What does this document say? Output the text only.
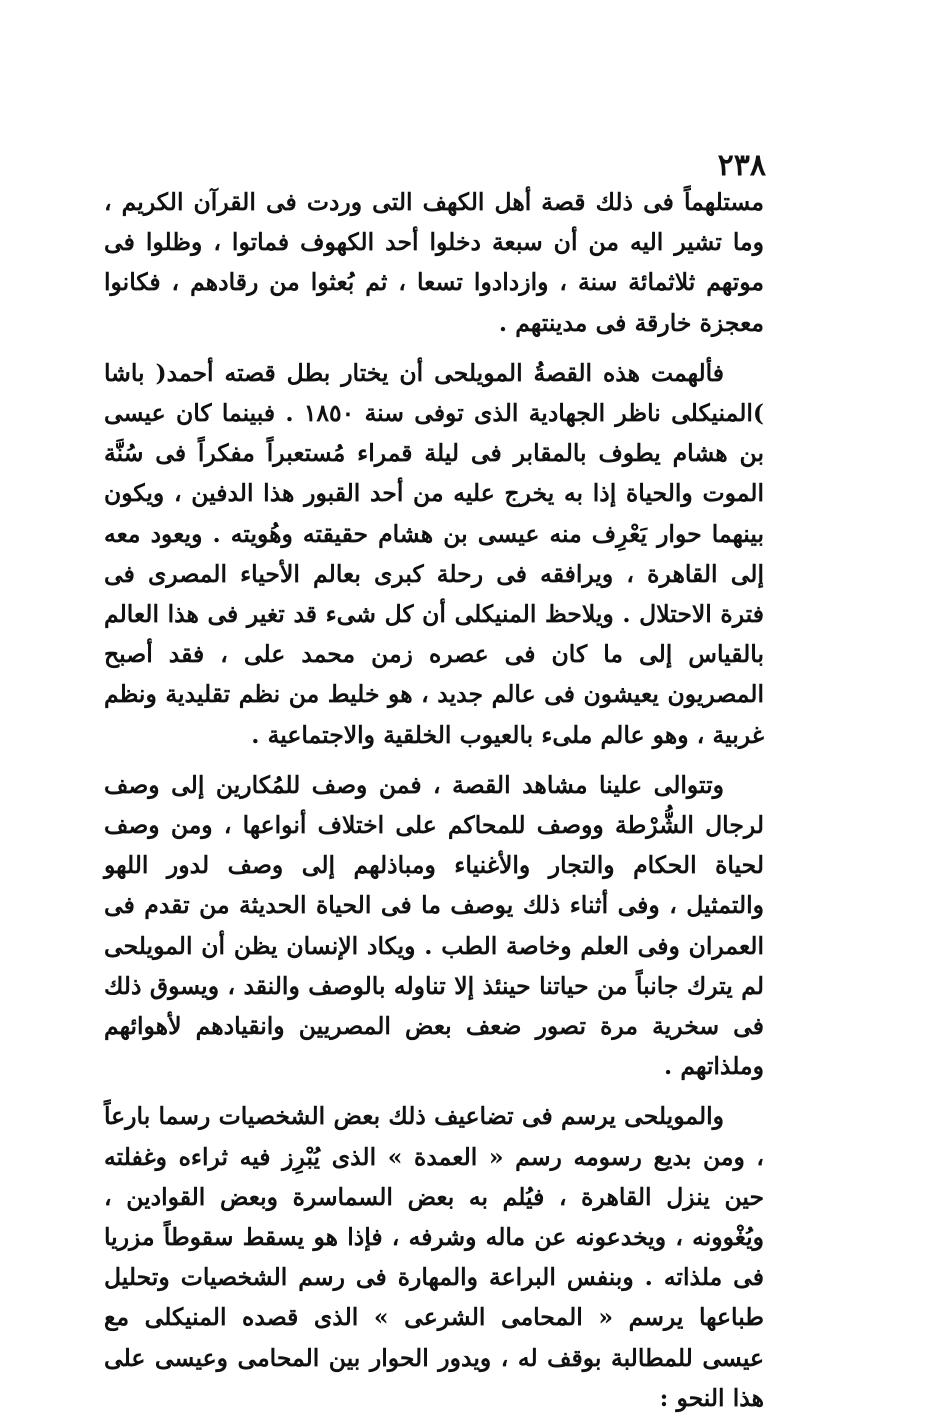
٢٣٨

مستلهماً فى ذلك قصة أهل الكهف التى وردت فى القرآن الكريم ، وما تشير اليه من أن سبعة دخلوا أحد الكهوف فماتوا ، وظلوا فى موتهم ثلاثمائة سنة ، وازدادوا تسعا ، ثم بُعثوا من رقادهم ، فكانوا معجزة خارقة فى مدينتهم .

فألهمت هذه القصةُ المويلحى أن يختار بطل قصته أحمد( باشا )المنيكلى ناظر الجهادية الذى توفى سنة ١٨٥٠ . فبينما كان عيسى بن هشام يطوف بالمقابر فى ليلة قمراء مُستعبراً مفكراً فى سُنَّة الموت والحياة إذا به يخرج عليه من أحد القبور هذا الدفين ، ويكون بينهما حوار يَعْرِف منه عيسى بن هشام حقيقته وهُويته . ويعود معه إلى القاهرة ، ويرافقه فى رحلة كبرى بعالم الأحياء المصرى فى فترة الاحتلال . ويلاحظ المنيكلى أن كل شىء قد تغير فى هذا العالم بالقياس إلى ما كان فى عصره زمن محمد على ، فقد أصبح المصريون يعيشون فى عالم جديد ، هو خليط من نظم تقليدية ونظم غربية ، وهو عالم ملىء بالعيوب الخلقية والاجتماعية .

وتتوالى علينا مشاهد القصة ، فمن وصف للمُكارين إلى وصف لرجال الشُّرْطة ووصف للمحاكم على اختلاف أنواعها ، ومن وصف لحياة الحكام والتجار والأغنياء ومباذلهم إلى وصف لدور اللهو والتمثيل ، وفى أثناء ذلك يوصف ما فى الحياة الحديثة من تقدم فى العمران وفى العلم وخاصة الطب . ويكاد الإنسان يظن أن المويلحى لم يترك جانباً من حياتنا حينئذ إلا تناوله بالوصف والنقد ، ويسوق ذلك فى سخرية مرة تصور ضعف بعض المصريين وانقيادهم لأهوائهم وملذاتهم .

والمويلحى يرسم فى تضاعيف ذلك بعض الشخصيات رسما بارعاً ، ومن بديع رسومه رسم « العمدة » الذى يُبْرِز فيه ثراءه وغفلته حين ينزل القاهرة ، فيُلم به بعض السماسرة وبعض القوادين ، ويُغْوونه ، ويخدعونه عن ماله وشرفه ، فإذا هو يسقط سقوطاً مزريا فى ملذاته . وبنفس البراعة والمهارة فى رسم الشخصيات وتحليل طباعها يرسم « المحامى الشرعى » الذى قصده المنيكلى مع عيسى للمطالبة بوقف له ، ويدور الحوار بين المحامى وعيسى على هذا النحو :
